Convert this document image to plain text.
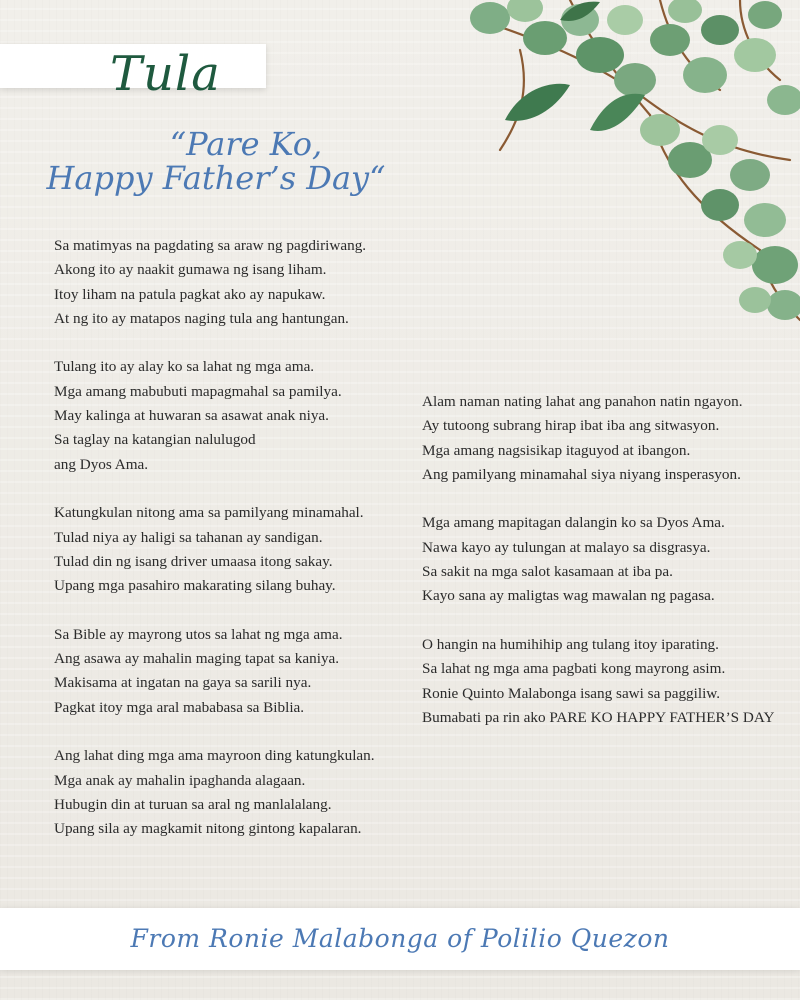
Tula
“Pare Ko,
Happy Father’s Day“
Sa matimyas na pagdating sa araw ng pagdiriwang.
Akong ito ay naakit gumawa ng isang liham.
Itoy liham na patula pagkat ako ay napukaw.
At ng ito ay matapos naging tula ang hantungan.
Tulang ito ay alay ko sa lahat ng mga ama.
Mga amang mabubuti mapagmahal sa pamilya.
May kalinga at huwaran sa asawat anak niya.
Sa taglay na katangian nalulugod
ang Dyos Ama.
Katungkulan nitong ama sa pamilyang minamahal.
Tulad niya ay haligi sa tahanan ay sandigan.
Tulad din ng isang driver umaasa itong sakay.
Upang mga pasahiro makarating silang buhay.
Sa Bible ay mayrong utos sa lahat ng mga ama.
Ang asawa ay mahalin maging tapat sa kaniya.
Makisama at ingatan na gaya sa sarili nya.
Pagkat itoy mga aral mababasa sa Biblia.
Ang lahat ding mga ama mayroon ding katungkulan.
Mga anak ay mahalin ipaghanda alagaan.
Hubugin din at turuan sa aral ng manlalalang.
Upang sila ay magkamit nitong gintong kapalaran.
Alam naman nating lahat ang panahon natin ngayon.
Ay tutoong subrang hirap ibat iba ang sitwasyon.
Mga amang nagsisikap itaguyod at ibangon.
Ang pamilyang minamahal siya niyang insperasyon.
Mga amang mapitagan dalangin ko sa Dyos Ama.
Nawa kayo ay tulungan at malayo sa disgrasya.
Sa sakit na mga salot kasamaan at iba pa.
Kayo sana ay maligtas wag mawalan ng pagasa.
O hangin na humihihip ang tulang itoy iparating.
Sa lahat ng mga ama pagbati kong mayrong asim.
Ronie Quinto Malabonga isang sawi sa paggiliw.
Bumabati pa rin ako PARE KO HAPPY FATHER’S DAY
From Ronie Malabonga of Polilio Quezon
